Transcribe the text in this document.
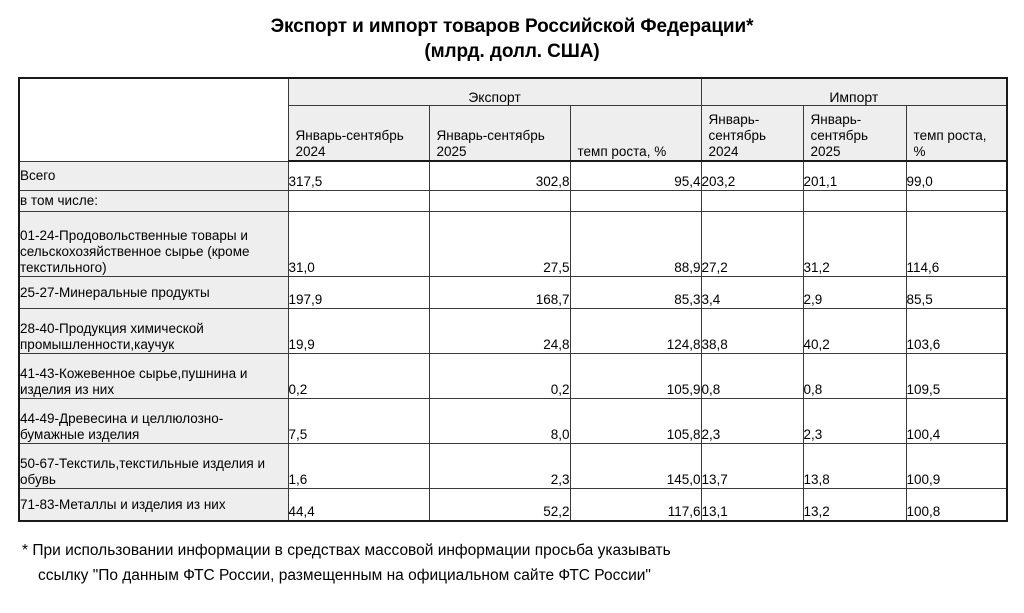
Экспорт и импорт товаров Российской Федерации*
(млрд. долл. США)
	Экспорт			Импорт		
	Январь-сентябрь 2024	Январь-сентябрь 2025	темп роста, %	Январь-сентябрь 2024	Январь-сентябрь 2025	темп роста, %
Всего	317,5	302,8	95,4	203,2	201,1	99,0
в том числе:						
01-24-Продовольственные товары и сельскохозяйственное сырье (кроме текстильного)	31,0	27,5	88,9	27,2	31,2	114,6
25-27-Минеральные продукты	197,9	168,7	85,3	3,4	2,9	85,5
28-40-Продукция химической промышленности,каучук	19,9	24,8	124,8	38,8	40,2	103,6
41-43-Кожевенное сырье,пушнина и изделия из них	0,2	0,2	105,9	0,8	0,8	109,5
44-49-Древесина и целлюлозно-бумажные изделия	7,5	8,0	105,8	2,3	2,3	100,4
50-67-Текстиль,текстильные изделия и обувь	1,6	2,3	145,0	13,7	13,8	100,9
71-83-Металлы и изделия из них	44,4	52,2	117,6	13,1	13,2	100,8
* При использовании информации в средствах массовой информации просьба указывать
ссылку "По данным ФТС России, размещенным на официальном сайте ФТС России"
